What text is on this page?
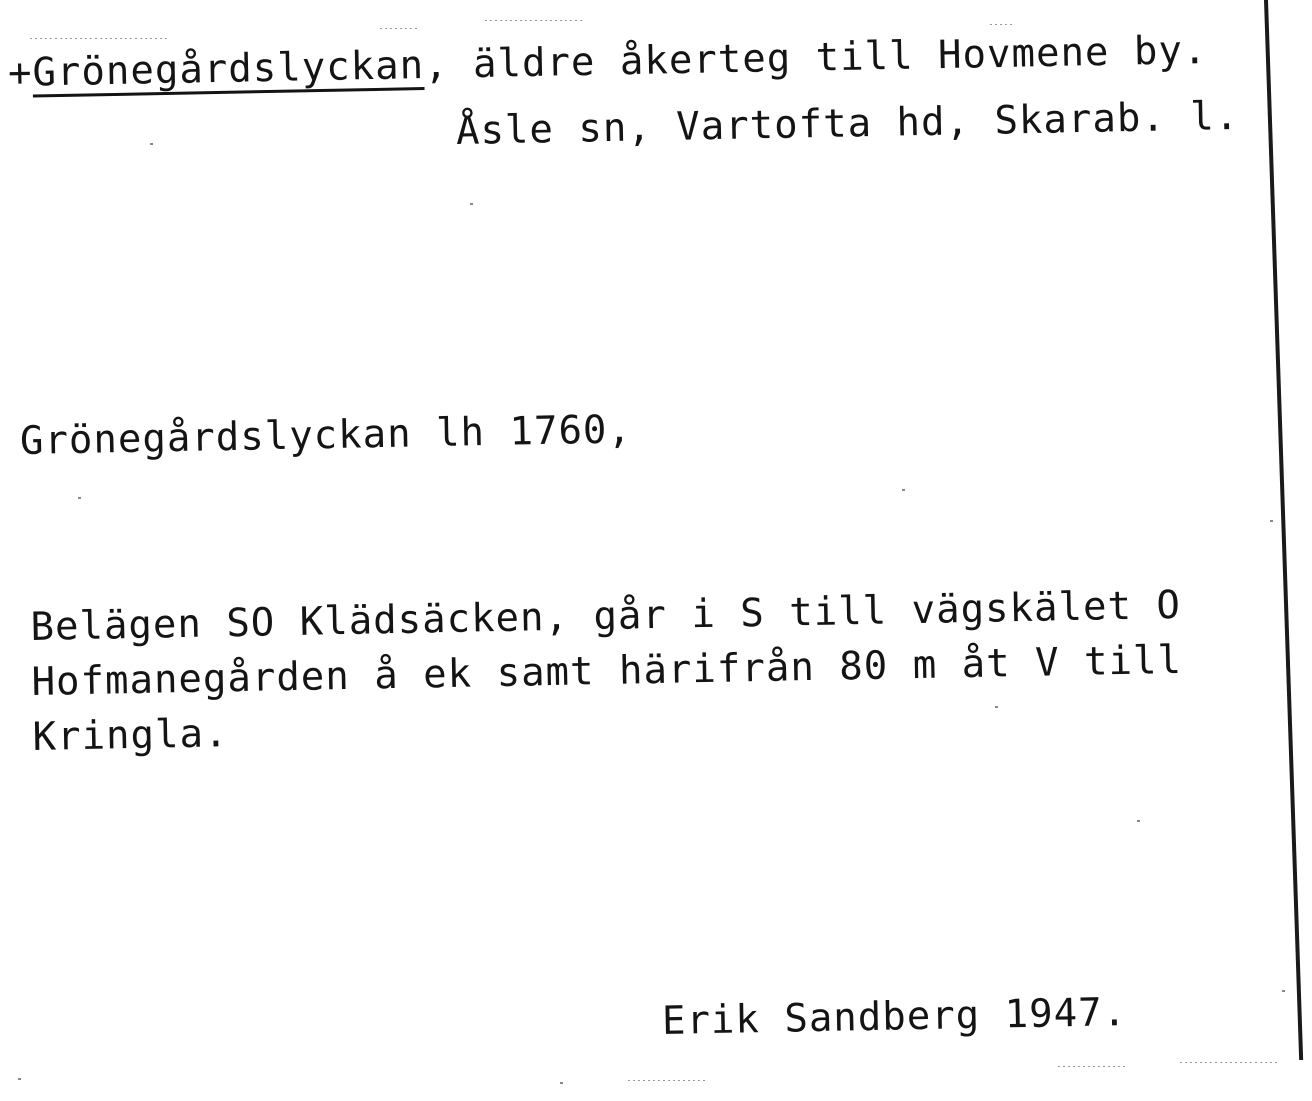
+Grönegårdslyckan, äldre åkerteg till Hovmene by.
Åsle sn, Vartofta hd, Skarab. l.
Grönegårdslyckan lh 1760,
Belägen SO Klädsäcken, går i S till vägskälet O
Hofmanegården å ek samt härifrån 80 m åt V till
Kringla.
Erik Sandberg 1947.
